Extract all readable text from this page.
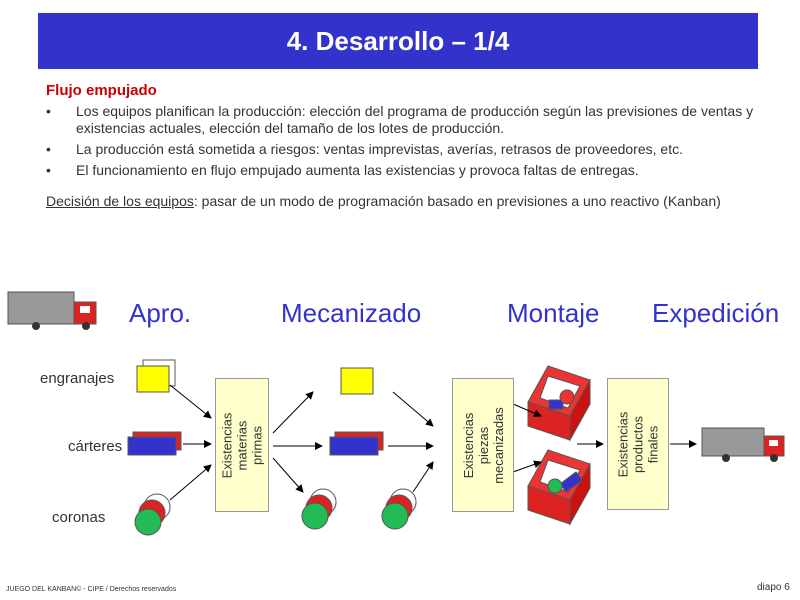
4. Desarrollo – 1/4
Flujo empujado
• Los equipos planifican la producción: elección del programa de producción según las previsiones de ventas y existencias actuales, elección del tamaño de los lotes de producción.
• La producción está sometida a riesgos: ventas imprevistas, averías, retrasos de proveedores, etc.
• El funcionamiento en flujo empujado aumenta las existencias y provoca faltas de entregas.
Decisión de los equipos: pasar de un modo de programación basado en previsiones a uno reactivo (Kanban)
Apro.	Mecanizado	Montaje Expedición
engranajes
cárteres
coronas
Existencias
materias primas	Existencias
piezas
mecanizadas	Existencias
productos
finales
JUEGO DEL KANBAN© - CIPE / Derechos reservados	diapo 6
